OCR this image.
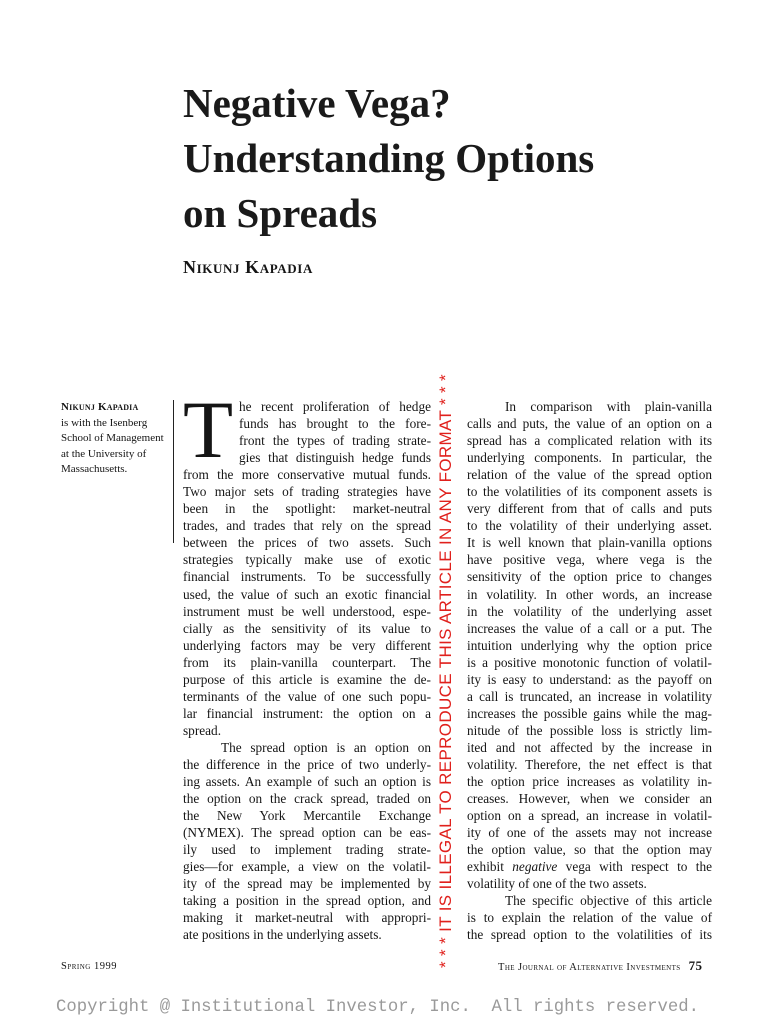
Negative Vega?
Understanding Options
on Spreads
Nikunj Kapadia
Nikunj Kapadia
is with the Isenberg
School of Management
at the University of
Massachusetts. T he recent proliferation of hedge
funds has brought to the fore-
front the types of trading strate-
gies that distinguish hedge funds
from the more conservative mutual funds.
Two major sets of trading strategies have
been in the spotlight: market-neutral
trades, and trades that rely on the spread
between the prices of two assets. Such
strategies typically make use of exotic
financial instruments. To be successfully
used, the value of such an exotic financial
instrument must be well understood, espe-
cially as the sensitivity of its value to
underlying factors may be very different
from its plain-vanilla counterpart. The
purpose of this article is examine the de-
terminants of the value of one such popu-
lar financial instrument: the option on a
spread.
The spread option is an option on
the difference in the price of two underly-
ing assets. An example of such an option is
the option on the crack spread, traded on
the New York Mercantile Exchange
(NYMEX). The spread option can be eas-
ily used to implement trading strate-
gies—for example, a view on the volatil-
ity of the spread may be implemented by
taking a position in the spread option, and
making it market-neutral with appropri-
ate positions in the underlying assets.	* * * IT IS ILLEGAL TO REPRODUCE THIS ARTICLE IN ANY FORMAT * * *	In comparison with plain-vanilla
calls and puts, the value of an option on a
spread has a complicated relation with its
underlying components. In particular, the
relation of the value of the spread option
to the volatilities of its component assets is
very different from that of calls and puts
to the volatility of their underlying asset.
It is well known that plain-vanilla options
have positive vega, where vega is the
sensitivity of the option price to changes
in volatility. In other words, an increase
in the volatility of the underlying asset
increases the value of a call or a put. The
intuition underlying why the option price
is a positive monotonic function of volatil-
ity is easy to understand: as the payoff on
a call is truncated, an increase in volatility
increases the possible gains while the mag-
nitude of the possible loss is strictly lim-
ited and not affected by the increase in
volatility. Therefore, the net effect is that
the option price increases as volatility in-
creases. However, when we consider an
option on a spread, an increase in volatil-
ity of one of the assets may not increase
the option value, so that the option may
exhibit negative vega with respect to the
volatility of one of the two assets.
The specific objective of this article
is to explain the relation of the value of
the spread option to the volatilities of its
Spring 1999	The Journal of Alternative Investments 75
Copyright @ Institutional Investor, Inc.  All rights reserved.
